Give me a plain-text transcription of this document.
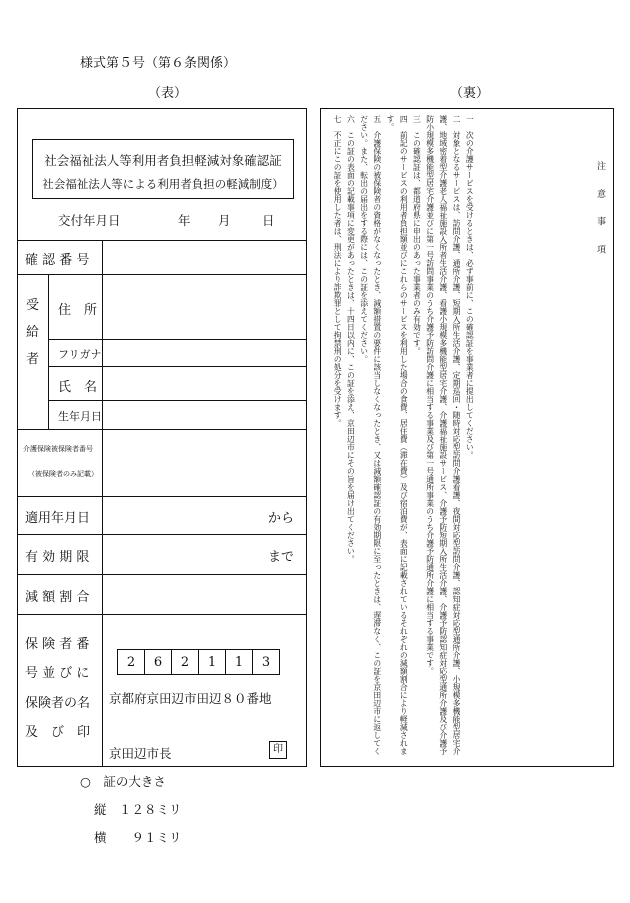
様式第５号（第６条関係）
（表）	（裏）
社会福祉法人等利用者負担軽減対象確認証
社会福祉法人等による利用者負担の軽減制度）
交付年月日	年 月	日
確 認 番 号
受
給
者
住　所
フリガナ
氏　名
生年月日
介護保険被保険者番号
（被保険者のみ記載）
適用年月日	から
有 効 期 限	まで
減 額 割 合
保 険 者 番
号 並 び に
保険者の名
及　び　印
2	6	2	1	1	3
京都府京田辺市田辺８０番地
京田辺市長	印
一　次の介護サービスを受けるときは、必ず事前に、この確認証を事業者に提出してください。
二　対象となるサービスは、訪問介護、通所介護、短期入所生活介護、定期巡回・随時対応型訪問介護看護、夜間対応型訪問介護、認知症対応型通所介護、小規模多機能型居宅介護、地域密着型介護老人福祉施設入所者生活介護、看護小規模多機能型居宅介護、介護福祉施設サービス、介護予防短期入所生活介護、介護予防認知症対応型通所介護及び介護予防小規模多機能型居宅介護並びに第一号訪問事業のうち介護予防訪問介護に相当する事業及び第一号通所事業のうち介護予防通所介護に相当する事業です。
三　この確認証は、都道府県に申出のあった事業者のみ有効です。
四　前記のサービスの利用者負担額並びにこれらのサービスを利用した場合の食費、居住費（滞在費）及び宿泊費が、表面に記載されているそれぞれの減額割合により軽減されます。
五　介護保険の被保険者の資格がなくなったとき、減額措置の要件に該当しなくなったとき、又は減額確認証の有効期限に至ったときは、遅滞なく、この証を京田辺市に返してください。また、転出の届出をする際には、この証を添えてください。
六　この証の表面の記載事項に変更があったときは、十四日以内に、この証を添え、京田辺市にその旨を届け出てください。
七　不正にこの証を使用した者は、刑法により詐欺罪として拘禁刑の処分を受けます。	注 意 事 項
○　証の大きさ
縦　１２８ミリ
横　　９１ミリ
